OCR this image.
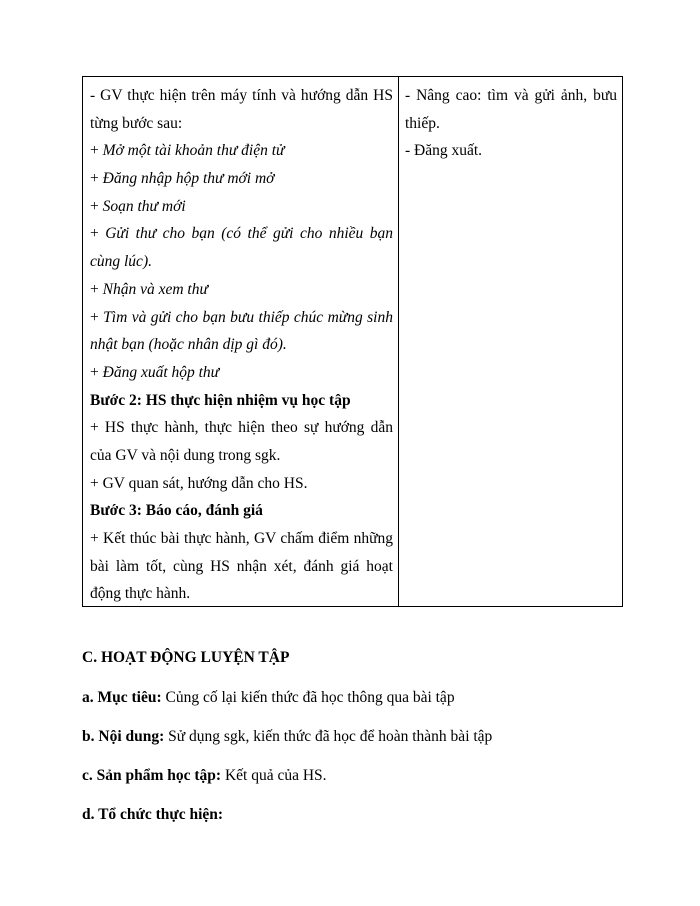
- GV thực hiện trên máy tính và hướng dẫn HS
từng bước sau:
+ Mở một tài khoản thư điện tử
+ Đăng nhập hộp thư mới mở
+ Soạn thư mới
+ Gửi thư cho bạn (có thể gửi cho nhiều bạn
cùng lúc).
+ Nhận và xem thư
+ Tìm và gửi cho bạn bưu thiếp chúc mừng sinh
nhật bạn (hoặc nhân dịp gì đó).
+ Đăng xuất hộp thư
Bước 2: HS thực hiện nhiệm vụ học tập
+ HS thực hành, thực hiện theo sự hướng dẫn
của GV và nội dung trong sgk.
+ GV quan sát, hướng dẫn cho HS.
Bước 3: Báo cáo, đánh giá
+ Kết thúc bài thực hành, GV chấm điểm những
bài làm tốt, cùng HS nhận xét, đánh giá hoạt
động thực hành.
- Nâng cao: tìm và gửi ảnh, bưu
thiếp.
- Đăng xuất.
C. HOẠT ĐỘNG LUYỆN TẬP
a. Mục tiêu: Củng cố lại kiến thức đã học thông qua bài tập
b. Nội dung: Sử dụng sgk, kiến thức đã học để hoàn thành bài tập
c. Sản phẩm học tập: Kết quả của HS.
d. Tổ chức thực hiện:
